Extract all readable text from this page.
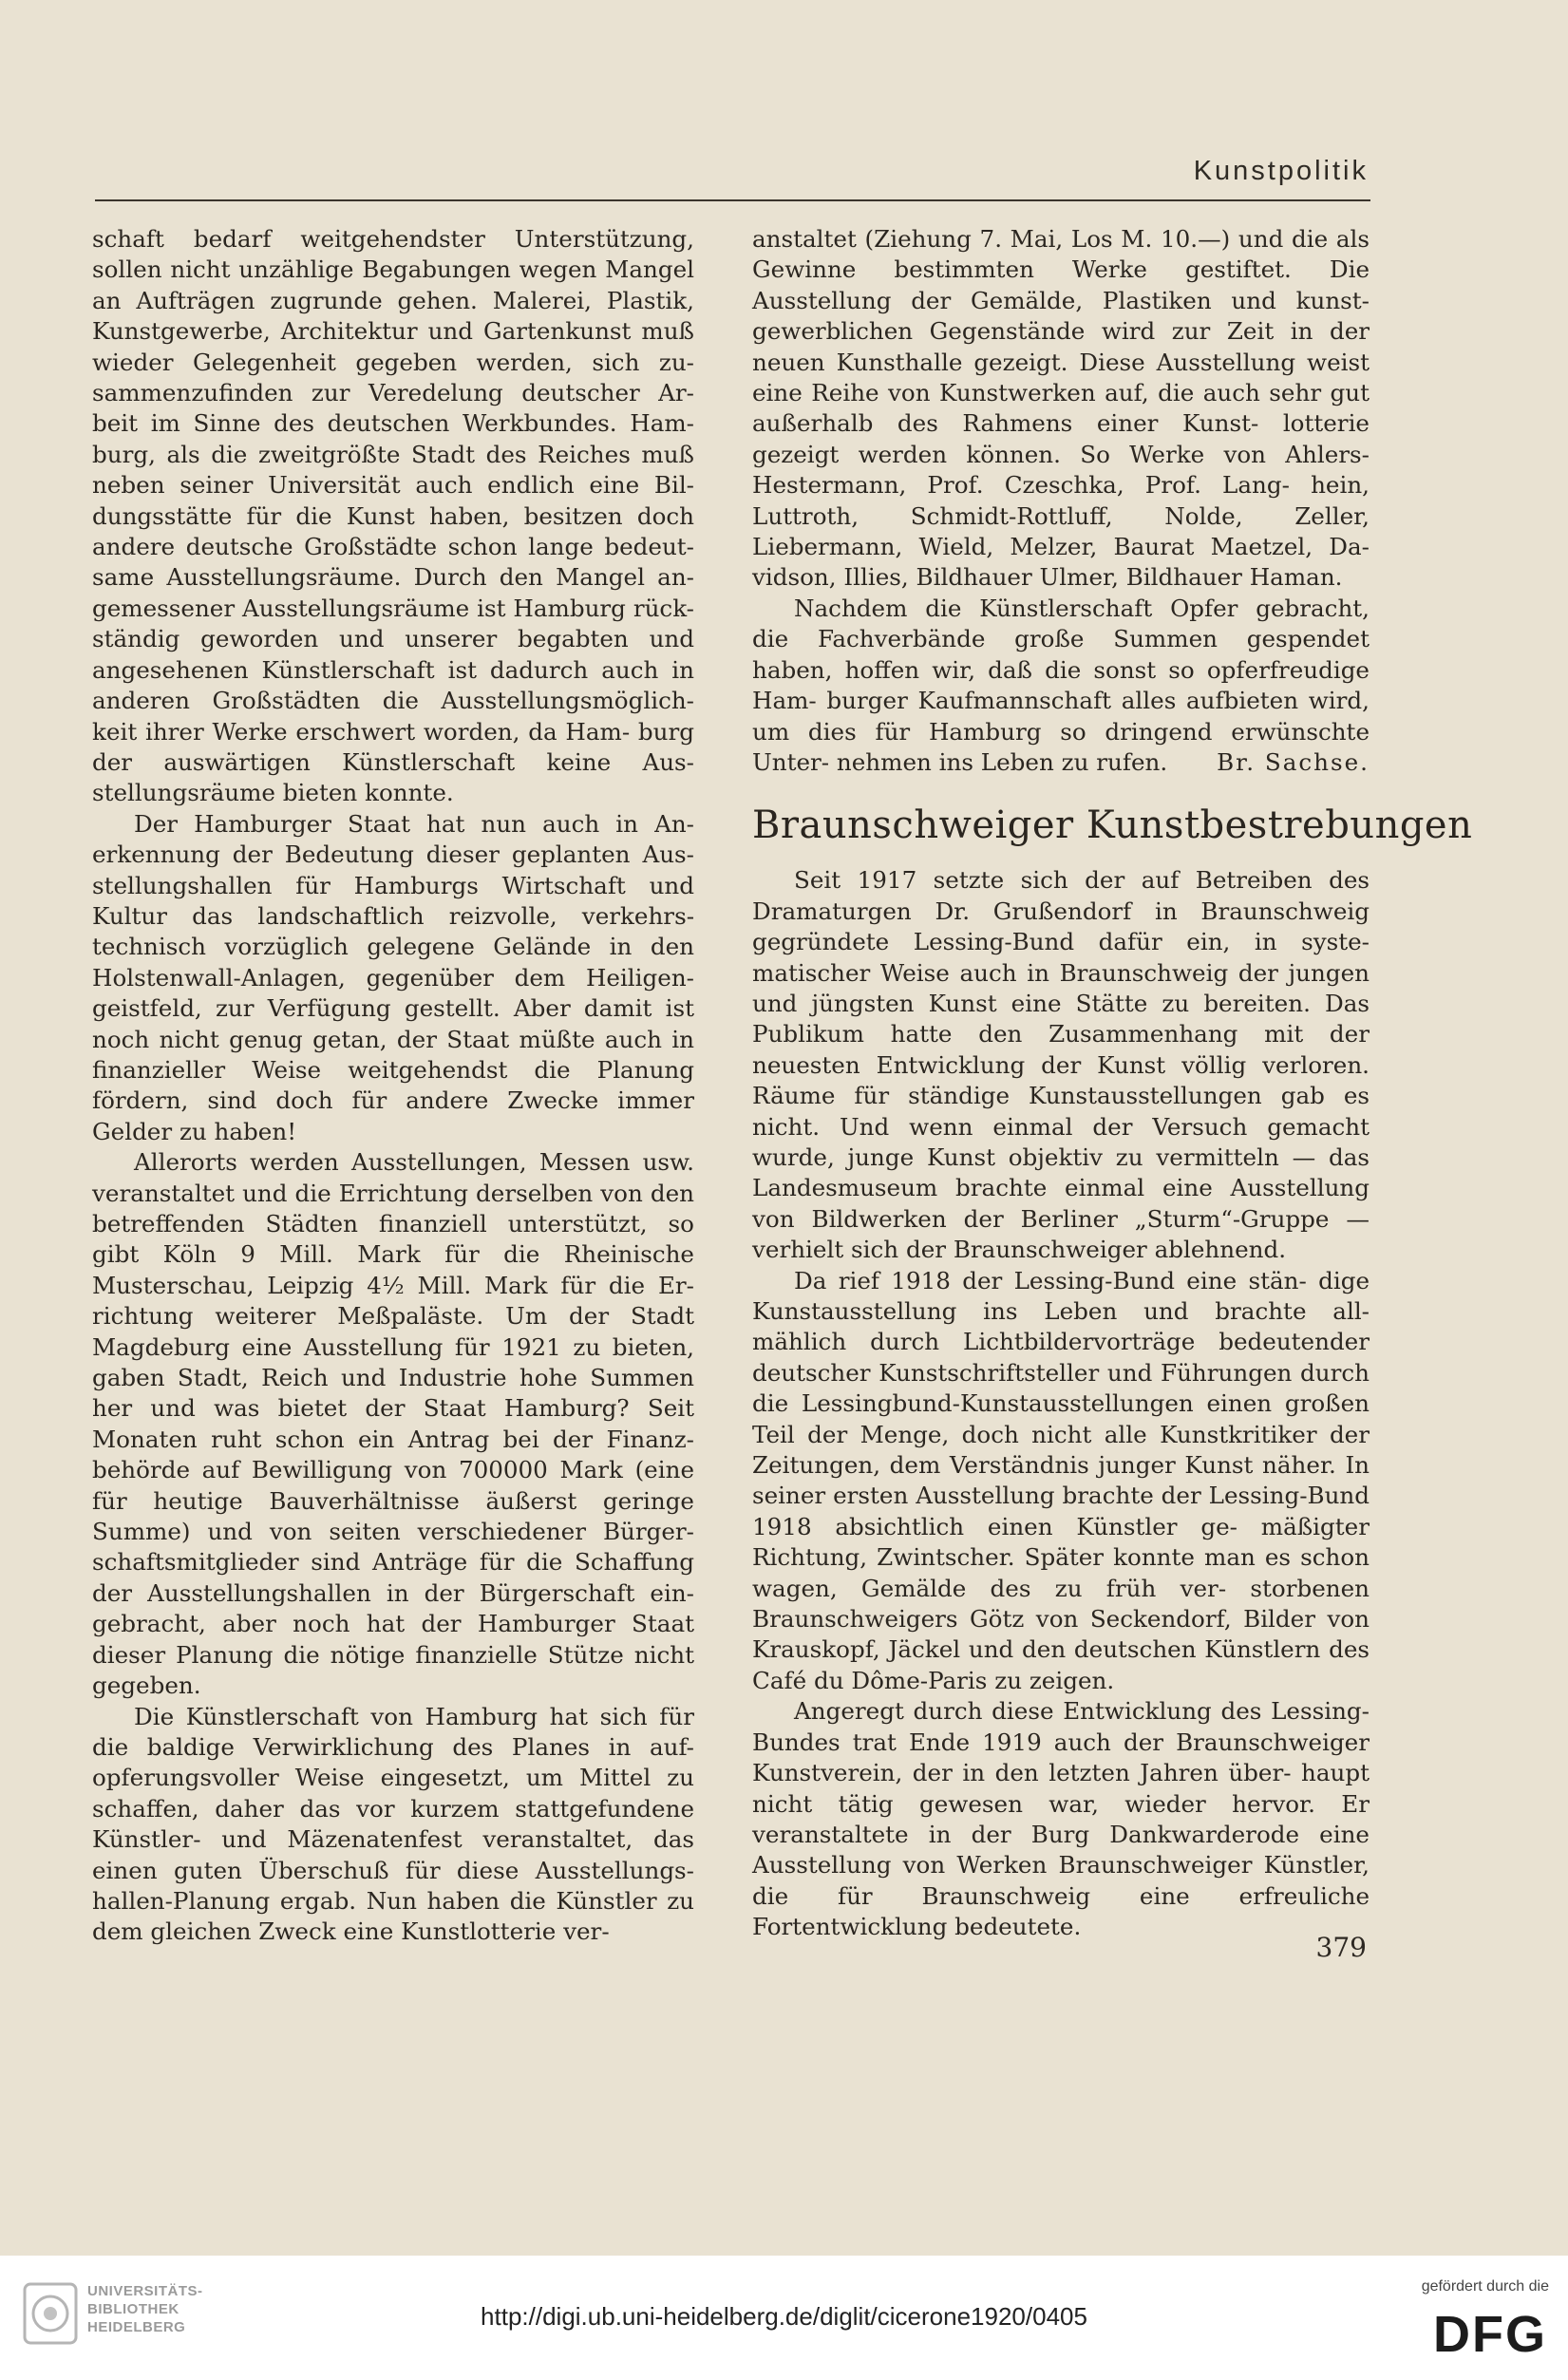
Kunstpolitik

schaft bedarf weitgehendster Unterstützung, sollen nicht unzählige Begabungen wegen Mangel an Aufträgen zugrunde gehen. Malerei, Plastik, Kunstgewerbe, Architektur und Gartenkunst muß wieder Gelegenheit gegeben werden, sich zu- sammenzufinden zur Veredelung deutscher Ar- beit im Sinne des deutschen Werkbundes. Ham- burg, als die zweitgrößte Stadt des Reiches muß neben seiner Universität auch endlich eine Bil- dungsstätte für die Kunst haben, besitzen doch andere deutsche Großstädte schon lange bedeut- same Ausstellungsräume. Durch den Mangel an- gemessener Ausstellungsräume ist Hamburg rück- ständig geworden und unserer begabten und angesehenen Künstlerschaft ist dadurch auch in anderen Großstädten die Ausstellungsmöglich- keit ihrer Werke erschwert worden, da Ham- burg der auswärtigen Künstlerschaft keine Aus- stellungsräume bieten konnte.

Der Hamburger Staat hat nun auch in An- erkennung der Bedeutung dieser geplanten Aus- stellungshallen für Hamburgs Wirtschaft und Kultur das landschaftlich reizvolle, verkehrs- technisch vorzüglich gelegene Gelände in den Holstenwall-Anlagen, gegenüber dem Heiligen- geistfeld, zur Verfügung gestellt. Aber damit ist noch nicht genug getan, der Staat müßte auch in finanzieller Weise weitgehendst die Planung fördern, sind doch für andere Zwecke immer Gelder zu haben!

Allerorts werden Ausstellungen, Messen usw. veranstaltet und die Errichtung derselben von den betreffenden Städten finanziell unterstützt, so gibt Köln 9 Mill. Mark für die Rheinische Musterschau, Leipzig 4½ Mill. Mark für die Er- richtung weiterer Meßpaläste. Um der Stadt Magdeburg eine Ausstellung für 1921 zu bieten, gaben Stadt, Reich und Industrie hohe Summen her und was bietet der Staat Hamburg? Seit Monaten ruht schon ein Antrag bei der Finanz- behörde auf Bewilligung von 700000 Mark (eine für heutige Bauverhältnisse äußerst geringe Summe) und von seiten verschiedener Bürger- schaftsmitglieder sind Anträge für die Schaffung der Ausstellungshallen in der Bürgerschaft ein- gebracht, aber noch hat der Hamburger Staat dieser Planung die nötige finanzielle Stütze nicht gegeben.

Die Künstlerschaft von Hamburg hat sich für die baldige Verwirklichung des Planes in auf- opferungsvoller Weise eingesetzt, um Mittel zu schaffen, daher das vor kurzem stattgefundene Künstler- und Mäzenatenfest veranstaltet, das einen guten Überschuß für diese Ausstellungs- hallen-Planung ergab. Nun haben die Künstler zu dem gleichen Zweck eine Kunstlotterie ver-

anstaltet (Ziehung 7. Mai, Los M. 10.—) und die als Gewinne bestimmten Werke gestiftet. Die Ausstellung der Gemälde, Plastiken und kunst- gewerblichen Gegenstände wird zur Zeit in der neuen Kunsthalle gezeigt. Diese Ausstellung weist eine Reihe von Kunstwerken auf, die auch sehr gut außerhalb des Rahmens einer Kunst- lotterie gezeigt werden können. So Werke von Ahlers-Hestermann, Prof. Czeschka, Prof. Lang- hein, Luttroth, Schmidt-Rottluff, Nolde, Zeller, Liebermann, Wield, Melzer, Baurat Maetzel, Da- vidson, Illies, Bildhauer Ulmer, Bildhauer Haman.

Nachdem die Künstlerschaft Opfer gebracht, die Fachverbände große Summen gespendet haben, hoffen wir, daß die sonst so opferfreudige Ham- burger Kaufmannschaft alles aufbieten wird, um dies für Hamburg so dringend erwünschte Unter- nehmen ins Leben zu rufen.	Br. Sachse.
Braunschweiger Kunstbestrebungen

Seit 1917 setzte sich der auf Betreiben des Dramaturgen Dr. Grußendorf in Braunschweig gegründete Lessing-Bund dafür ein, in syste- matischer Weise auch in Braunschweig der jungen und jüngsten Kunst eine Stätte zu bereiten. Das Publikum hatte den Zusammenhang mit der neuesten Entwicklung der Kunst völlig verloren. Räume für ständige Kunstausstellungen gab es nicht. Und wenn einmal der Versuch gemacht wurde, junge Kunst objektiv zu vermitteln — das Landesmuseum brachte einmal eine Ausstellung von Bildwerken der Berliner „Sturm“-Gruppe — verhielt sich der Braunschweiger ablehnend.

Da rief 1918 der Lessing-Bund eine stän- dige Kunstausstellung ins Leben und brachte all- mählich durch Lichtbildervorträge bedeutender deutscher Kunstschriftsteller und Führungen durch die Lessingbund-Kunstausstellungen einen großen Teil der Menge, doch nicht alle Kunstkritiker der Zeitungen, dem Verständnis junger Kunst näher. In seiner ersten Ausstellung brachte der Lessing-Bund 1918 absichtlich einen Künstler ge- mäßigter Richtung, Zwintscher. Später konnte man es schon wagen, Gemälde des zu früh ver- storbenen Braunschweigers Götz von Seckendorf, Bilder von Krauskopf, Jäckel und den deutschen Künstlern des Café du Dôme-Paris zu zeigen.

Angeregt durch diese Entwicklung des Lessing- Bundes trat Ende 1919 auch der Braunschweiger Kunstverein, der in den letzten Jahren über- haupt nicht tätig gewesen war, wieder hervor. Er veranstaltete in der Burg Dankwarderode eine Ausstellung von Werken Braunschweiger Künstler, die für Braunschweig eine erfreuliche Fortentwicklung bedeutete.

379
UNIVERSITÄTS-
BIBLIOTHEK
HEIDELBERG	http://digi.ub.uni-heidelberg.de/diglit/cicerone1920/0405
gefördert durch die
DFG
